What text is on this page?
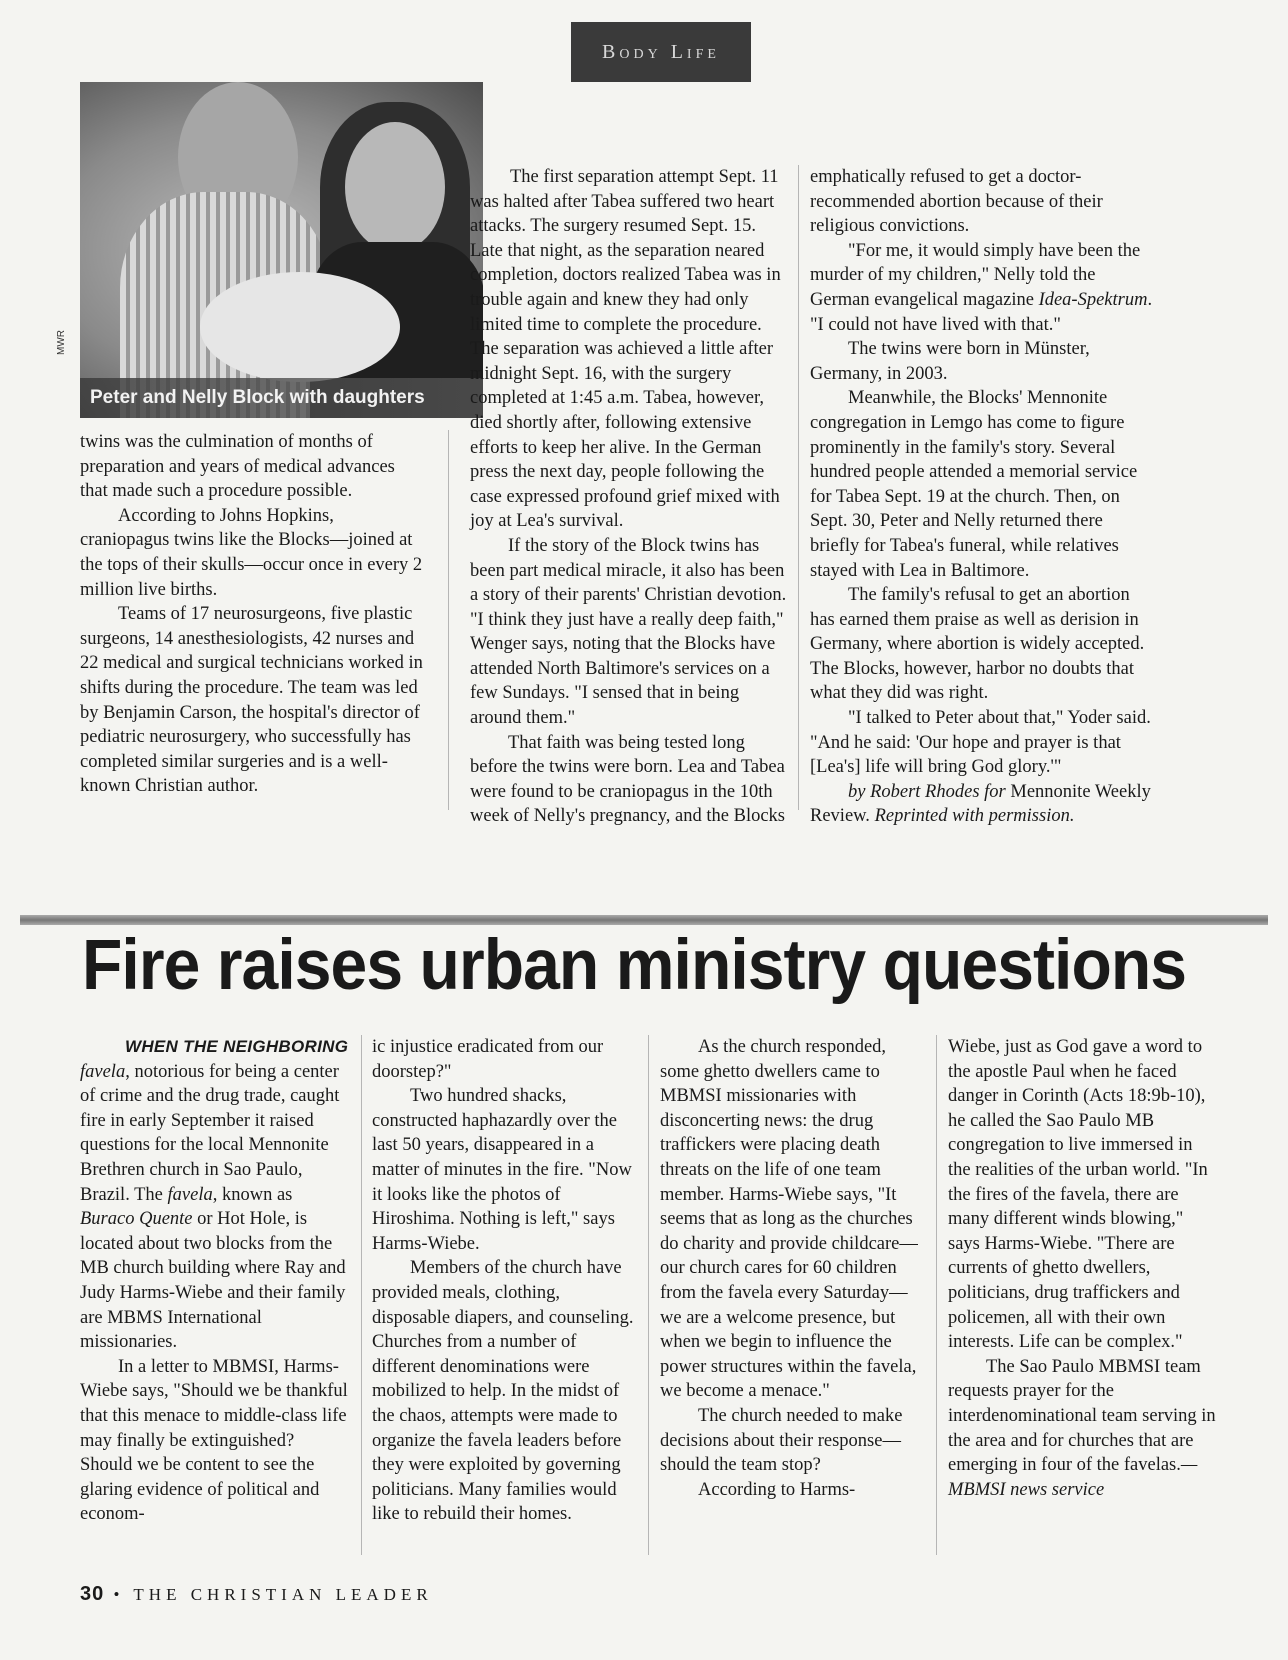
Body Life
Peter and Nelly Block with daughters
MWR

twins was the culmination of months of preparation and years of medical advances that made such a procedure possible.

According to Johns Hopkins, craniopagus twins like the Blocks—joined at the tops of their skulls—occur once in every 2 million live births.

Teams of 17 neurosurgeons, five plastic surgeons, 14 anesthesiologists, 42 nurses and 22 medical and surgical technicians worked in shifts during the procedure. The team was led by Benjamin Carson, the hospital's director of pediatric neurosurgery, who successfully has completed similar surgeries and is a well-known Christian author.

The first separation attempt Sept. 11 was halted after Tabea suffered two heart attacks. The surgery resumed Sept. 15. Late that night, as the separation neared completion, doctors realized Tabea was in trouble again and knew they had only limited time to complete the procedure. The separation was achieved a little after midnight Sept. 16, with the surgery completed at 1:45 a.m. Tabea, however, died shortly after, following extensive efforts to keep her alive. In the German press the next day, people following the case expressed profound grief mixed with joy at Lea's survival.

If the story of the Block twins has been part medical miracle, it also has been a story of their parents' Christian devotion. "I think they just have a really deep faith," Wenger says, noting that the Blocks have attended North Baltimore's services on a few Sundays. "I sensed that in being around them."

That faith was being tested long before the twins were born. Lea and Tabea were found to be craniopagus in the 10th week of Nelly's pregnancy, and the Blocks

emphatically refused to get a doctor-recommended abortion because of their religious convictions.

"For me, it would simply have been the murder of my children," Nelly told the German evangelical magazine Idea-Spektrum. "I could not have lived with that."

The twins were born in Münster, Germany, in 2003.

Meanwhile, the Blocks' Mennonite congregation in Lemgo has come to figure prominently in the family's story. Several hundred people attended a memorial service for Tabea Sept. 19 at the church. Then, on Sept. 30, Peter and Nelly returned there briefly for Tabea's funeral, while relatives stayed with Lea in Baltimore.

The family's refusal to get an abortion has earned them praise as well as derision in Germany, where abortion is widely accepted. The Blocks, however, harbor no doubts that what they did was right.

"I talked to Peter about that," Yoder said. "And he said: 'Our hope and prayer is that [Lea's] life will bring God glory.'"

by Robert Rhodes for Mennonite Weekly Review. Reprinted with permission.

Fire raises urban ministry questions
WHEN THE NEIGHBORING

favela, notorious for being a center of crime and the drug trade, caught fire in early September it raised questions for the local Mennonite Brethren church in Sao Paulo, Brazil. The favela, known as Buraco Quente or Hot Hole, is located about two blocks from the MB church building where Ray and Judy Harms-Wiebe and their family are MBMS International missionaries.

In a letter to MBMSI, Harms-Wiebe says, "Should we be thankful that this menace to middle-class life may finally be extinguished? Should we be content to see the glaring evidence of political and econom-

ic injustice eradicated from our doorstep?"

Two hundred shacks, constructed haphazardly over the last 50 years, disappeared in a matter of minutes in the fire. "Now it looks like the photos of Hiroshima. Nothing is left," says Harms-Wiebe.

Members of the church have provided meals, clothing, disposable diapers, and counseling. Churches from a number of different denominations were mobilized to help. In the midst of the chaos, attempts were made to organize the favela leaders before they were exploited by governing politicians. Many families would like to rebuild their homes.

As the church responded, some ghetto dwellers came to MBMSI missionaries with disconcerting news: the drug traffickers were placing death threats on the life of one team member. Harms-Wiebe says, "It seems that as long as the churches do charity and provide childcare—our church cares for 60 children from the favela every Saturday—we are a welcome presence, but when we begin to influence the power structures within the favela, we become a menace."

The church needed to make decisions about their response—should the team stop?

According to Harms-

Wiebe, just as God gave a word to the apostle Paul when he faced danger in Corinth (Acts 18:9b-10), he called the Sao Paulo MB congregation to live immersed in the realities of the urban world. "In the fires of the favela, there are many different winds blowing," says Harms-Wiebe. "There are currents of ghetto dwellers, politicians, drug traffickers and policemen, all with their own interests. Life can be complex."

The Sao Paulo MBMSI team requests prayer for the interdenominational team serving in the area and for churches that are emerging in four of the favelas.—MBMSI news service

30 • THE CHRISTIAN LEADER
